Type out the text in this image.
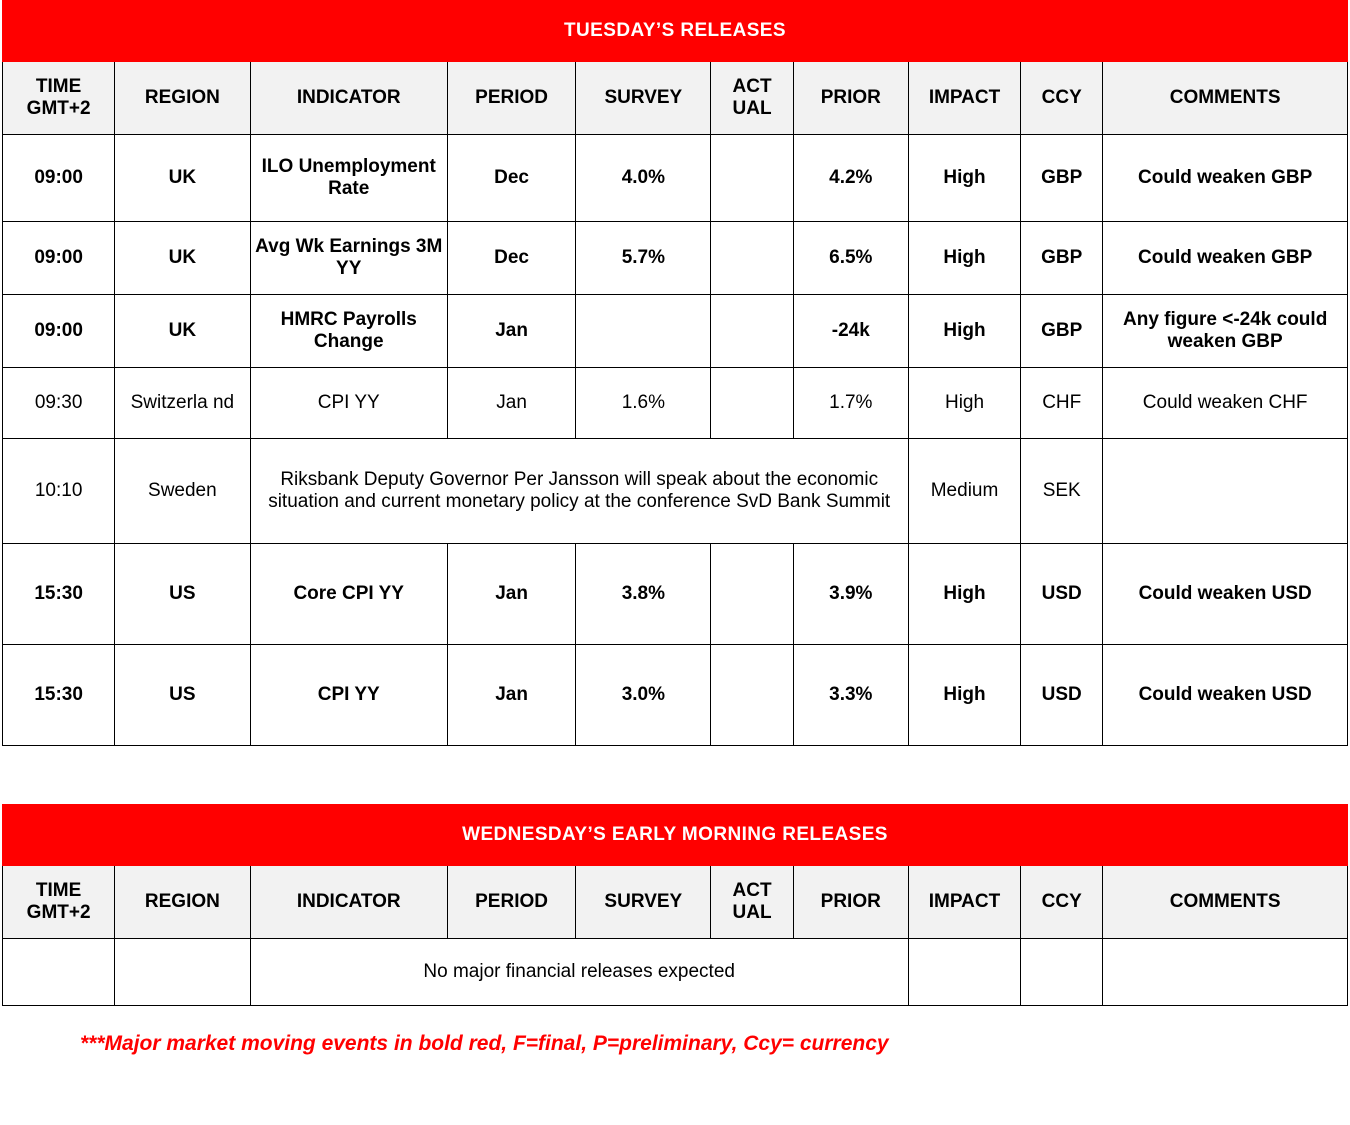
TUESDAY’S RELEASES									
TIME GMT+2	REGION	INDICATOR	PERIOD	SURVEY	ACT UAL	PRIOR	IMPACT	CCY	COMMENTS
09:00	UK	ILO Unemployment Rate	Dec	4.0%		4.2%	High	GBP	Could weaken GBP
09:00	UK	Avg Wk Earnings 3M YY	Dec	5.7%		6.5%	High	GBP	Could weaken GBP
09:00	UK	HMRC Payrolls Change	Jan			-24k	High	GBP	Any figure <-24k could weaken GBP
09:30	Switzerla nd	CPI YY	Jan	1.6%		1.7%	High	CHF	Could weaken CHF
10:10	Sweden	Riksbank Deputy Governor Per Jansson will speak about the economic situation and current monetary policy at the conference SvD Bank Summit					Medium	SEK	
15:30	US	Core CPI YY	Jan	3.8%		3.9%	High	USD	Could weaken USD
15:30	US	CPI YY	Jan	3.0%		3.3%	High	USD	Could weaken USD
WEDNESDAY’S EARLY MORNING RELEASES									
TIME GMT+2	REGION	INDICATOR	PERIOD	SURVEY	ACT UAL	PRIOR	IMPACT	CCY	COMMENTS
		No major financial releases expected							
***Major market moving events in bold red, F=final, P=preliminary, Ccy= currency
